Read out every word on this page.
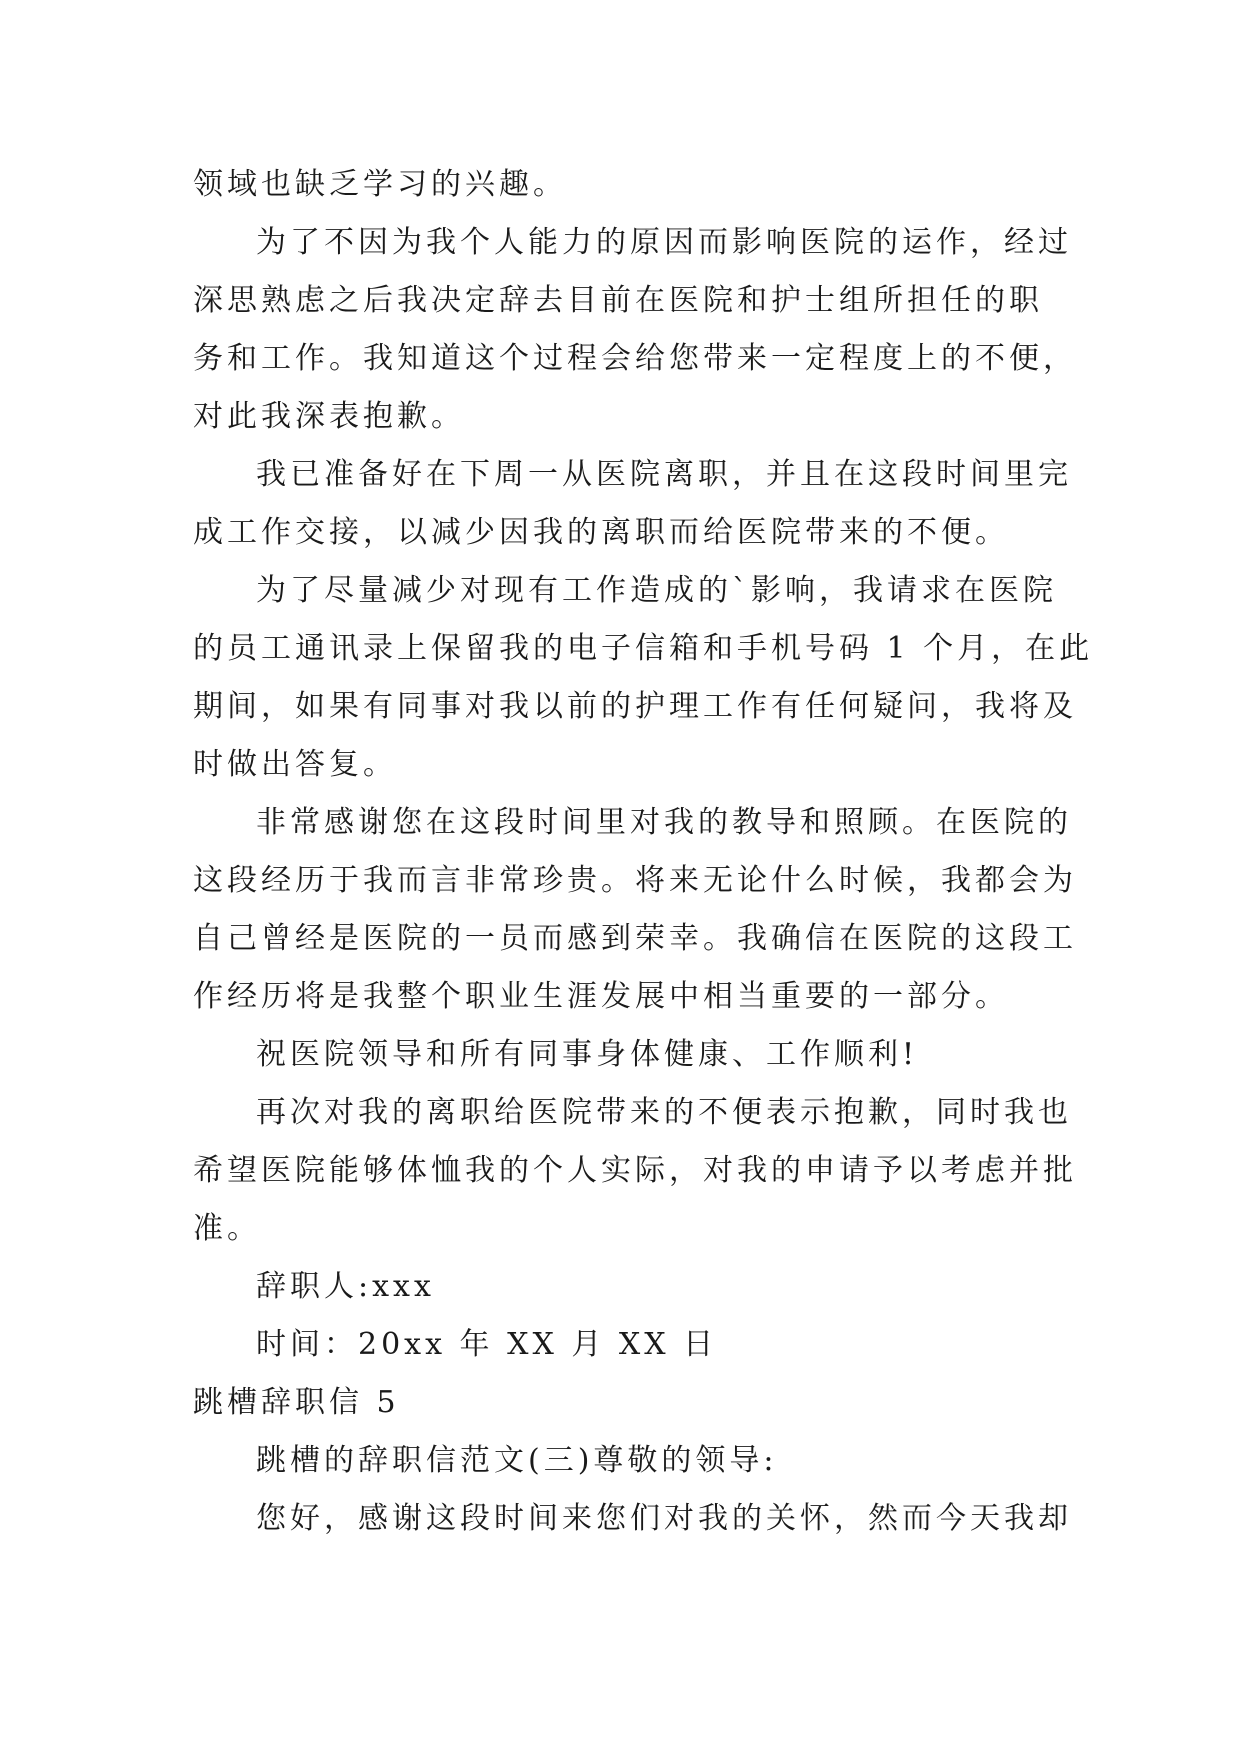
领域也缺乏学习的兴趣。
为了不因为我个人能力的原因而影响医院的运作，经过
深思熟虑之后我决定辞去目前在医院和护士组所担任的职
务和工作。我知道这个过程会给您带来一定程度上的不便，
对此我深表抱歉。
我已准备好在下周一从医院离职，并且在这段时间里完
成工作交接，以减少因我的离职而给医院带来的不便。
为了尽量减少对现有工作造成的`影响，我请求在医院
的员工通讯录上保留我的电子信箱和手机号码 1 个月，在此
期间，如果有同事对我以前的护理工作有任何疑问，我将及
时做出答复。
非常感谢您在这段时间里对我的教导和照顾。在医院的
这段经历于我而言非常珍贵。将来无论什么时候，我都会为
自己曾经是医院的一员而感到荣幸。我确信在医院的这段工
作经历将是我整个职业生涯发展中相当重要的一部分。
祝医院领导和所有同事身体健康、工作顺利!
再次对我的离职给医院带来的不便表示抱歉，同时我也
希望医院能够体恤我的个人实际，对我的申请予以考虑并批
准。
辞职人:xxx
时间：20xx 年 XX 月 XX 日
跳槽辞职信 5
跳槽的辞职信范文(三)尊敬的领导:
您好，感谢这段时间来您们对我的关怀，然而今天我却
